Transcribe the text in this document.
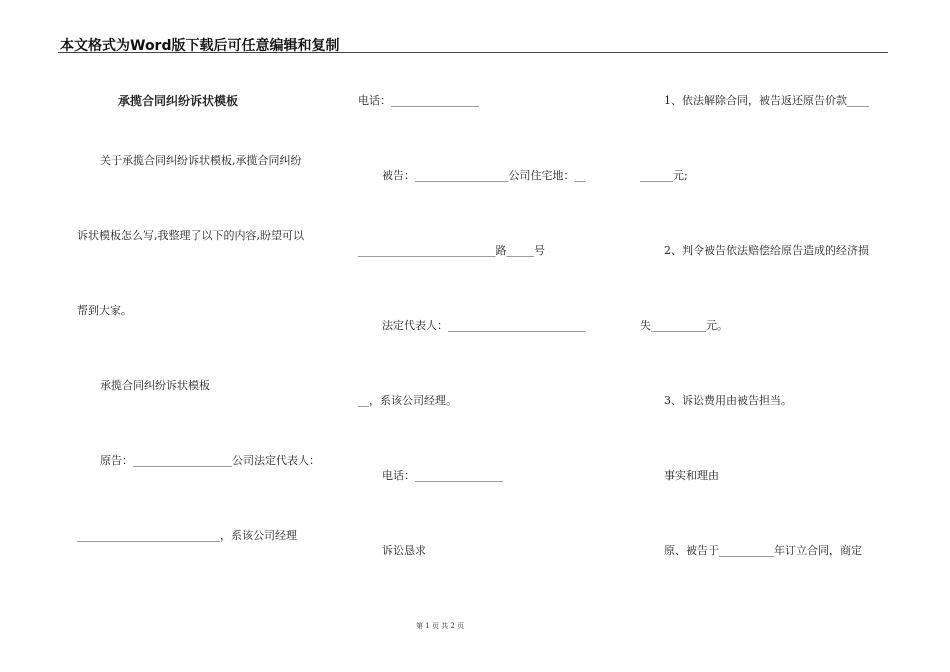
本文格式为Word版下载后可任意编辑和复制
承揽合同纠纷诉状模板
关于承揽合同纠纷诉状模板,承揽合同纠纷
诉状模板怎么写,我整理了以下的内容,盼望可以
帮到大家。
承揽合同纠纷诉状模板
原告：__________________公司法定代表人：
__________________________，系该公司经理
电话：________________
被告：_________________公司住宅地：__
_________________________路_____号
法定代表人：_________________________
__，系该公司经理。
电话：________________
诉讼恳求
1、依法解除合同，被告返还原告价款____
______元;
2、判令被告依法赔偿给原告造成的经济损
失__________元。
3、诉讼费用由被告担当。
事实和理由
原、被告于__________年订立合同，商定
第 1 页 共 2 页
